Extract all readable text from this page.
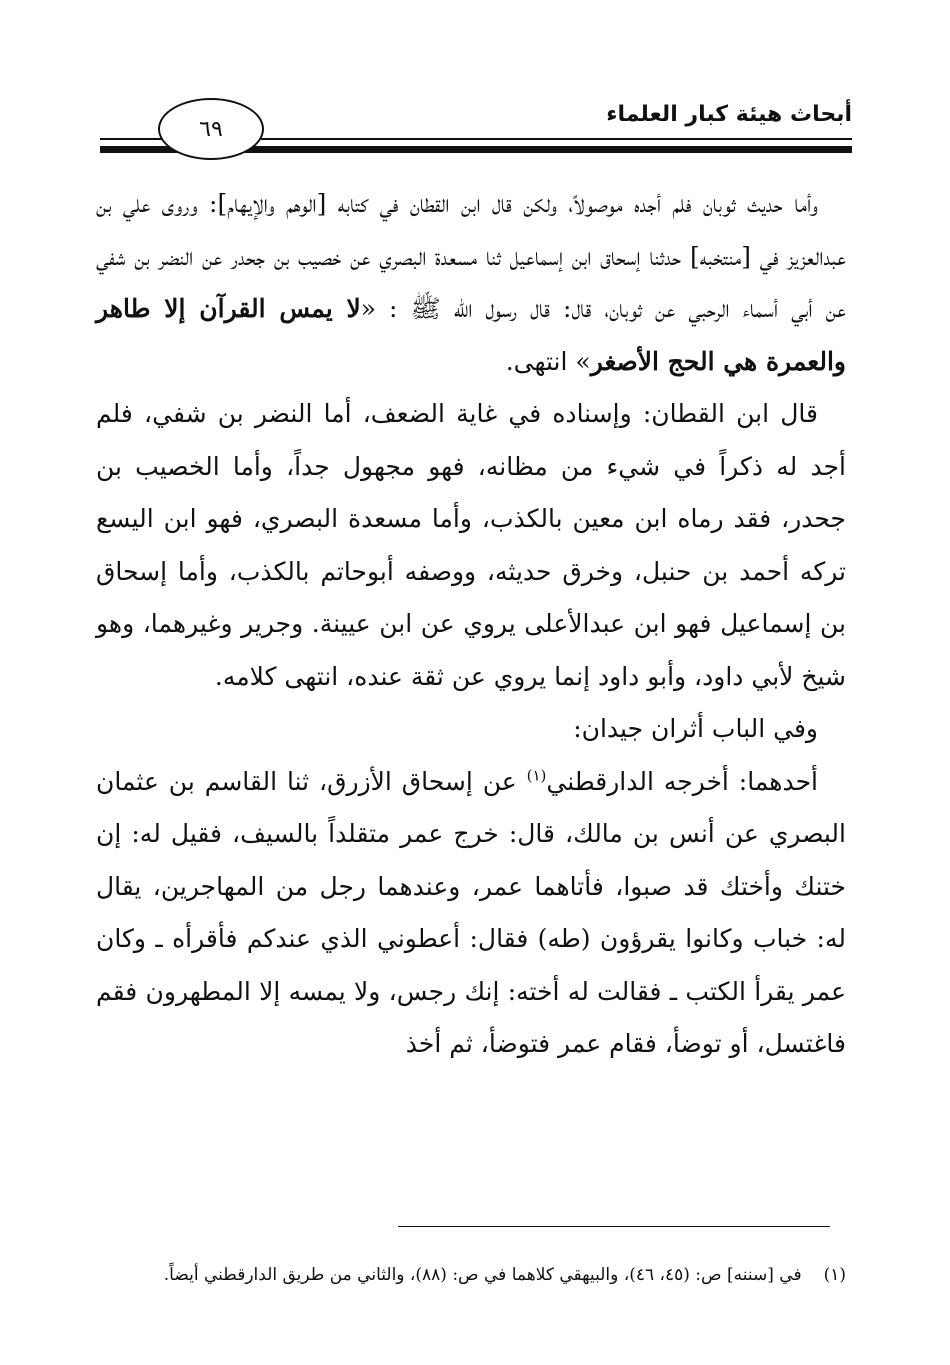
أبحاث هيئة كبار العلماء
٦٩

وأما حديث ثوبان فلم أجده موصولاً، ولكن قال ابن القطان في كتابه [الوهم والإيهام]: وروى علي بن عبدالعزيز في [منتخبه] حدثنا إسحاق ابن إسماعيل ثنا مسعدة البصري عن خصيب بن جحدر عن النضر بن شفي عن أبي أسماء الرحبي عن ثوبان، قال: قال رسول الله ﷺ : «لا يمس القرآن إلا طاهر والعمرة هي الحج الأصغر» انتهى.

قال ابن القطان: وإسناده في غاية الضعف، أما النضر بن شفي، فلم أجد له ذكراً في شيء من مظانه، فهو مجهول جداً، وأما الخصيب بن جحدر، فقد رماه ابن معين بالكذب، وأما مسعدة البصري، فهو ابن اليسع تركه أحمد بن حنبل، وخرق حديثه، ووصفه أبوحاتم بالكذب، وأما إسحاق بن إسماعيل فهو ابن عبدالأعلى يروي عن ابن عيينة. وجرير وغيرهما، وهو شيخ لأبي داود، وأبو داود إنما يروي عن ثقة عنده، انتهى كلامه.

وفي الباب أثران جيدان:

أحدهما: أخرجه الدارقطني$^{(١)}$ عن إسحاق الأزرق، ثنا القاسم بن عثمان البصري عن أنس بن مالك، قال: خرج عمر متقلداً بالسيف، فقيل له: إن ختنك وأختك قد صبوا، فأتاهما عمر، وعندهما رجل من المهاجرين، يقال له: خباب وكانوا يقرؤون (طه) فقال: أعطوني الذي عندكم فأقرأه ـ وكان عمر يقرأ الكتب ـ فقالت له أخته: إنك رجس، ولا يمسه إلا المطهرون فقم فاغتسل، أو توضأ، فقام عمر فتوضأ، ثم أخذ

(١)في [سننه] ص: (٤٥، ٤٦)، والبيهقي كلاهما في ص: (٨٨)، والثاني من طريق الدارقطني أيضاً.
